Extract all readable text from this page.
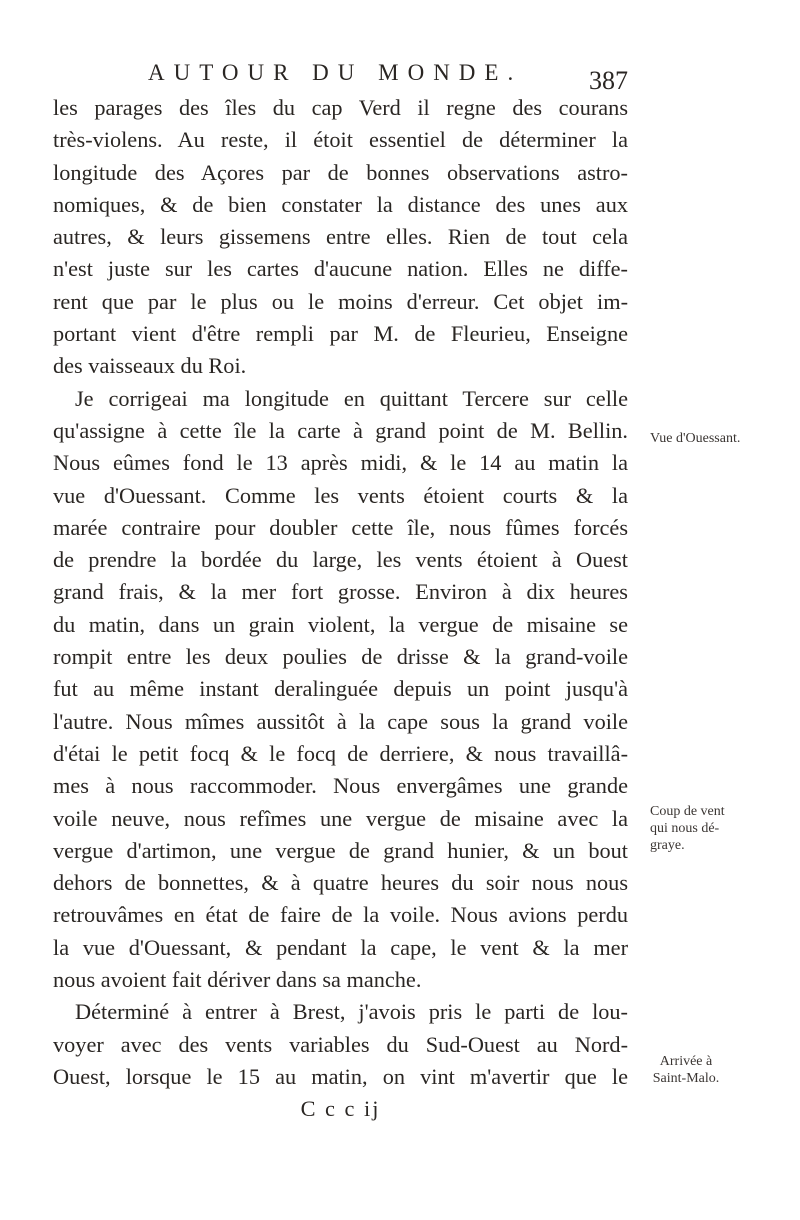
AUTOUR DU MONDE.	387
les parages des îles du cap Verd il regne des courans
très-violens. Au reste, il étoit essentiel de déterminer la
longitude des Açores par de bonnes observations astro-
nomiques, & de bien constater la distance des unes aux
autres, & leurs gissemens entre elles. Rien de tout cela
n'est juste sur les cartes d'aucune nation. Elles ne diffe-
rent que par le plus ou le moins d'erreur. Cet objet im-
portant vient d'être rempli par M. de Fleurieu, Enseigne
des vaisseaux du Roi.
Je corrigeai ma longitude en quittant Tercere sur celle
qu'assigne à cette île la carte à grand point de M. Bellin.
Nous eûmes fond le 13 après midi, & le 14 au matin la
vue d'Ouessant. Comme les vents étoient courts & la
marée contraire pour doubler cette île, nous fûmes forcés
de prendre la bordée du large, les vents étoient à Ouest
grand frais, & la mer fort grosse. Environ à dix heures
du matin, dans un grain violent, la vergue de misaine se
rompit entre les deux poulies de drisse & la grand-voile
fut au même instant deralinguée depuis un point jusqu'à
l'autre. Nous mîmes aussitôt à la cape sous la grand voile
d'étai le petit focq & le focq de derriere, & nous travaillâ-
mes à nous raccommoder. Nous envergâmes une grande
voile neuve, nous refîmes une vergue de misaine avec la
vergue d'artimon, une vergue de grand hunier, & un bout
dehors de bonnettes, & à quatre heures du soir nous nous
retrouvâmes en état de faire de la voile. Nous avions perdu
la vue d'Ouessant, & pendant la cape, le vent & la mer
nous avoient fait dériver dans sa manche.
Déterminé à entrer à Brest, j'avois pris le parti de lou-
voyer avec des vents variables du Sud-Ouest au Nord-
Ouest, lorsque le 15 au matin, on vint m'avertir que le
C c c ij
Vue d'Ouessant.
Coup de vent
qui nous dé-
graye.
Arrivée à
Saint-Malo.
